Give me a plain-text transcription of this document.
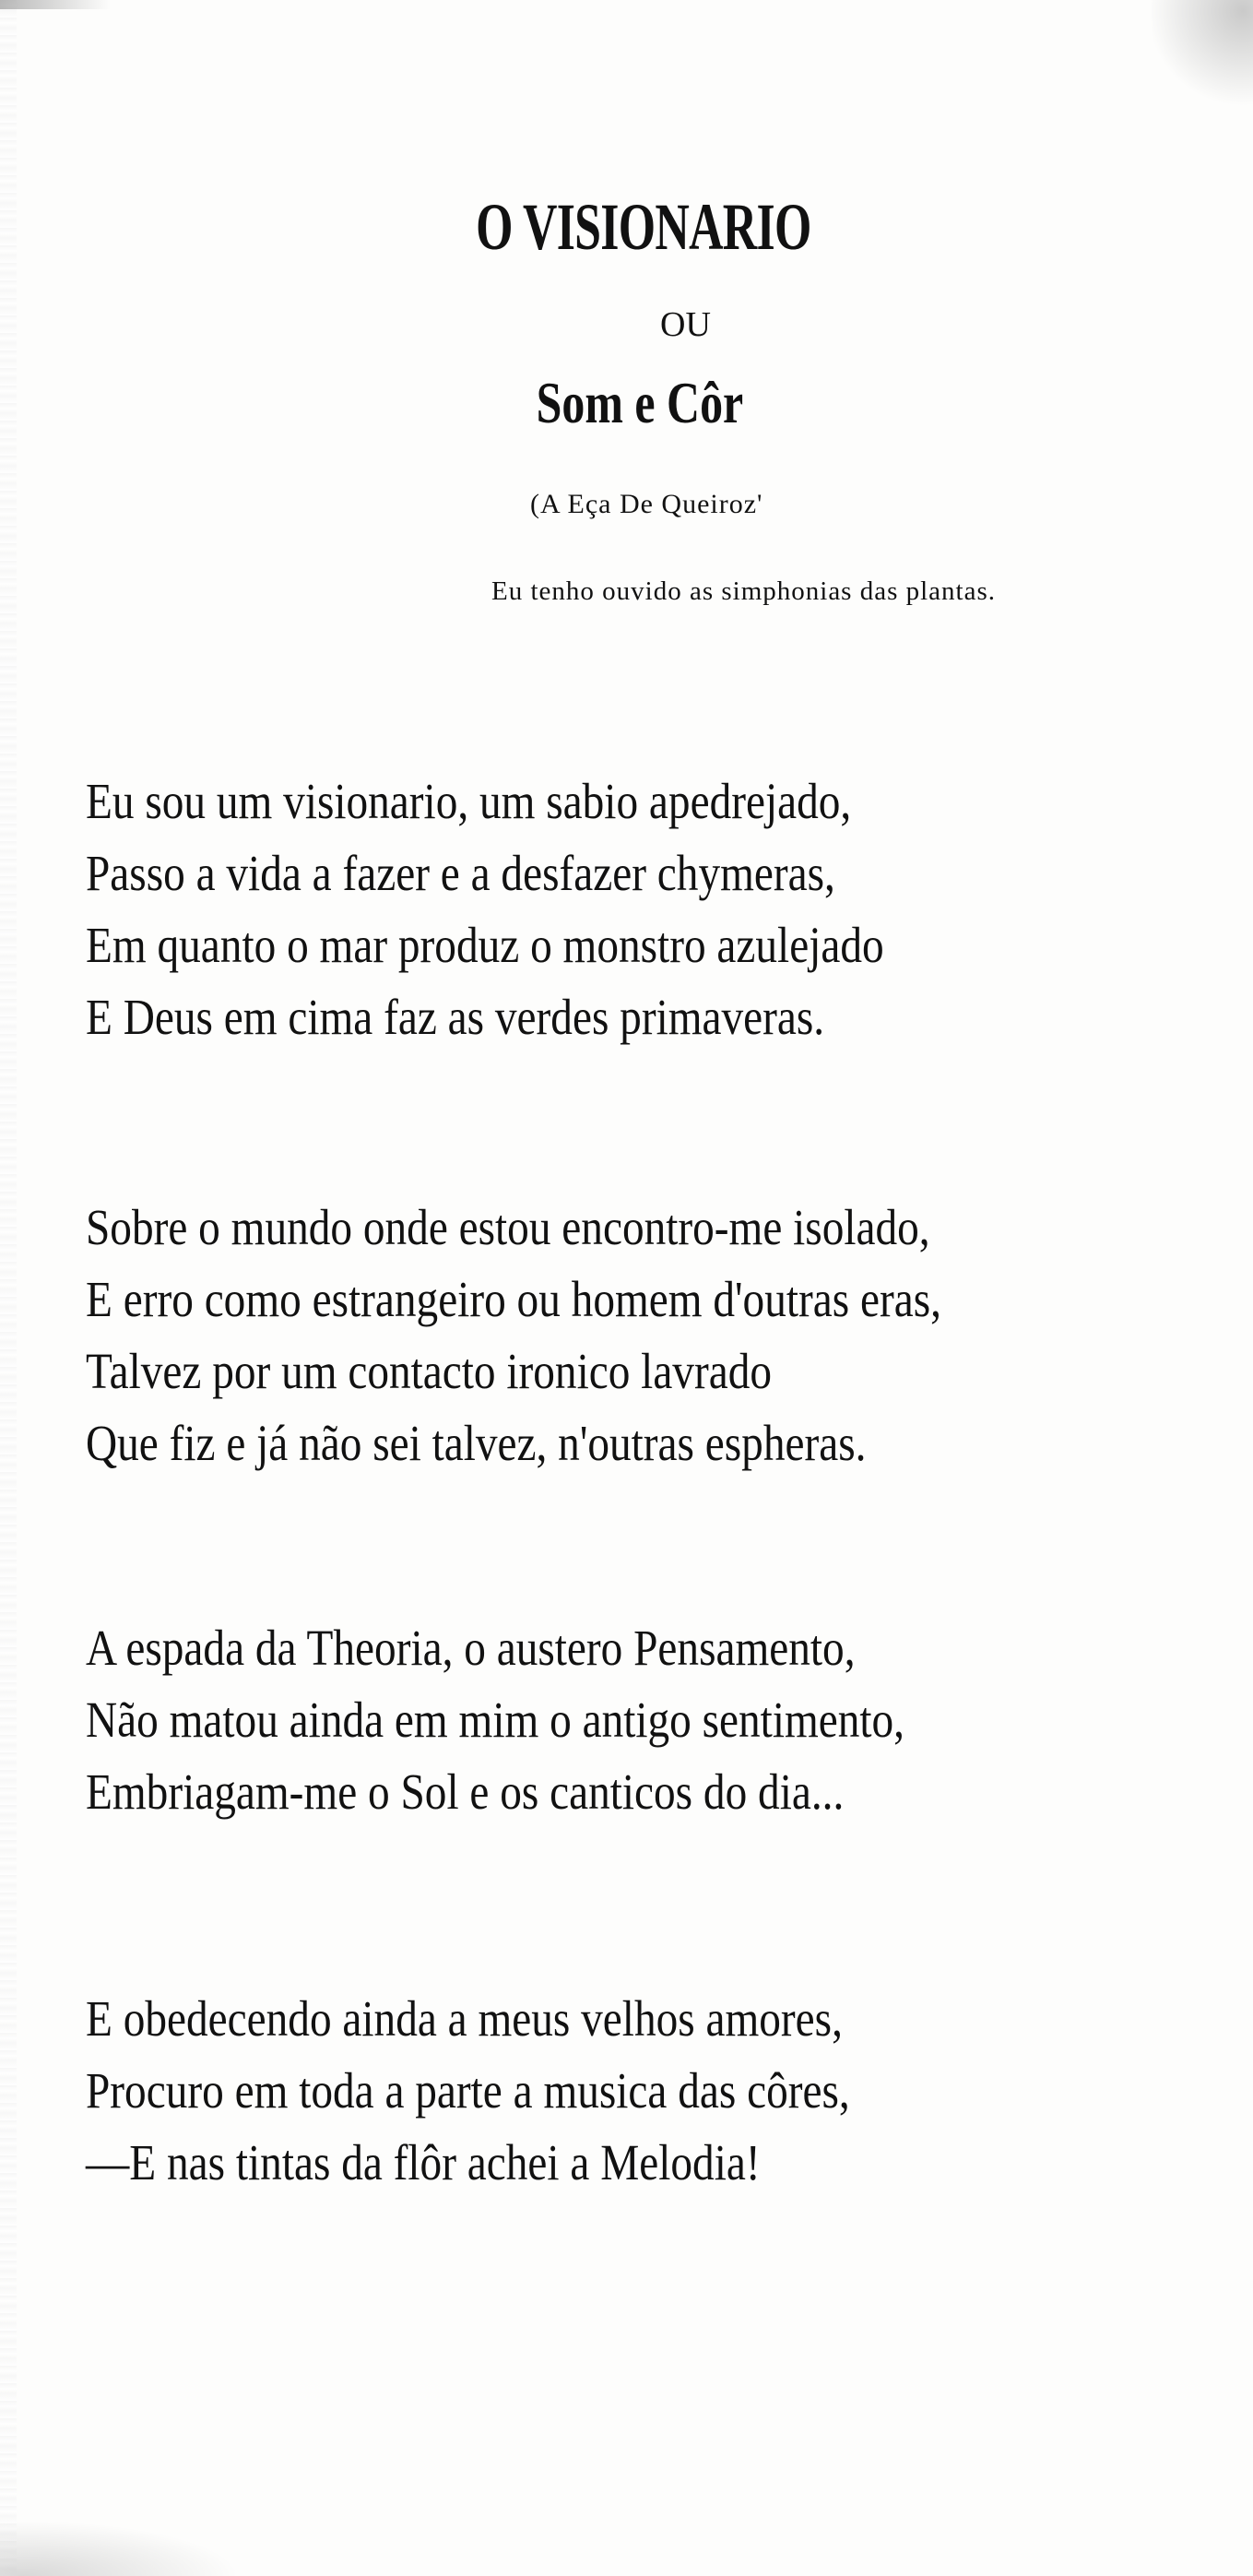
O VISIONARIO
OU
Som e Côr
(A Eça De Queiroz'
Eu tenho ouvido as simphonias das plantas.
Eu sou um visionario, um sabio apedrejado,
Passo a vida a fazer e a desfazer chymeras,
Em quanto o mar produz o monstro azulejado
E Deus em cima faz as verdes primaveras.
Sobre o mundo onde estou encontro-me isolado,
E erro como estrangeiro ou homem d'outras eras,
Talvez por um contacto ironico lavrado
Que fiz e já não sei talvez, n'outras espheras.
A espada da Theoria, o austero Pensamento,
Não matou ainda em mim o antigo sentimento,
Embriagam-me o Sol e os canticos do dia...
E obedecendo ainda a meus velhos amores,
Procuro em toda a parte a musica das côres,
—E nas tintas da flôr achei a Melodia!
